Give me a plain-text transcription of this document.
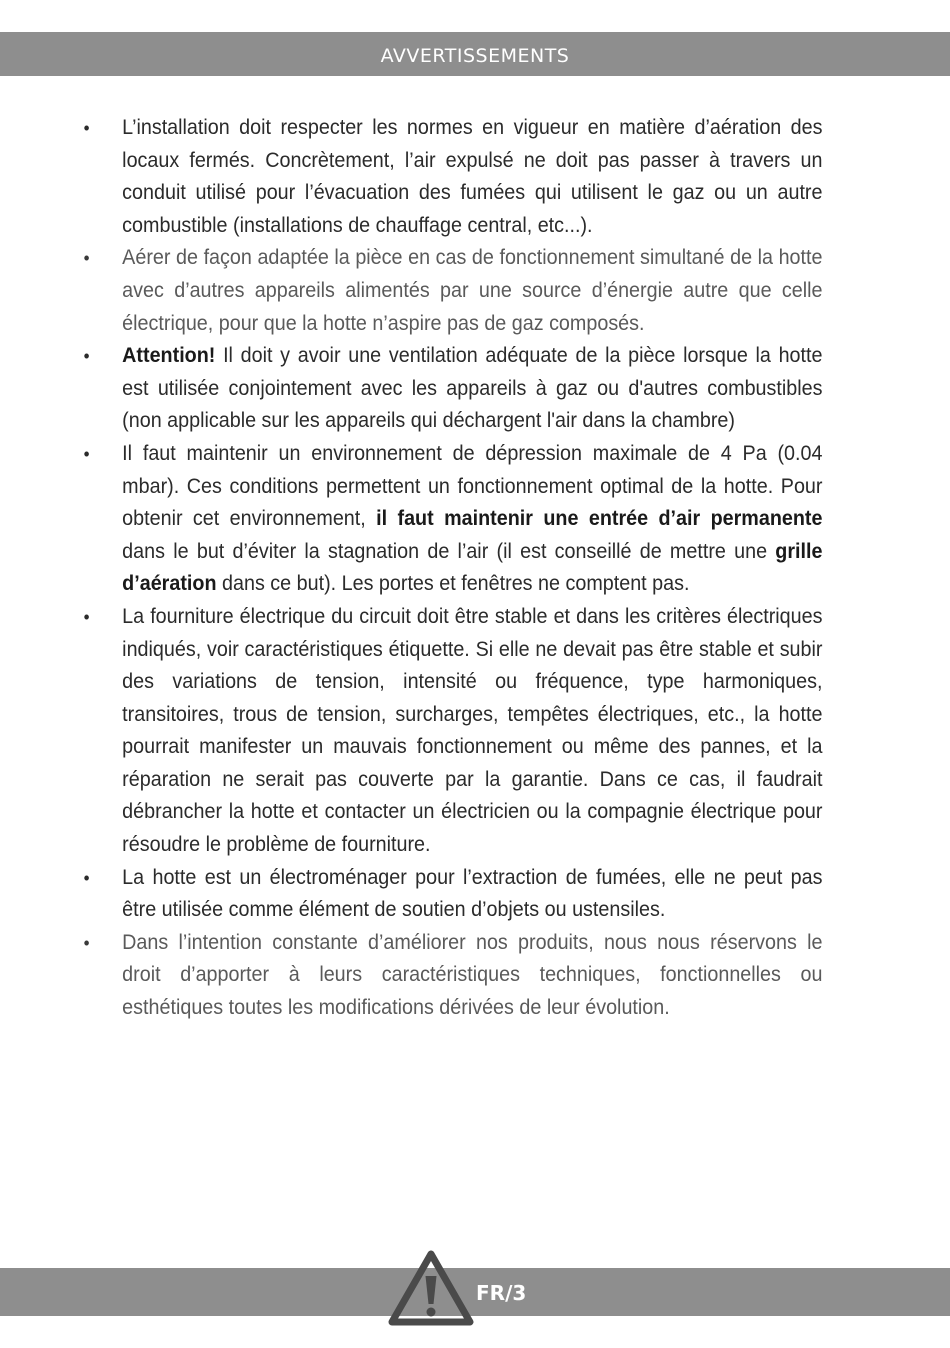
AVVERTISSEMENTS
•	L’installation doit respecter les normes en vigueur en matière d’aération des locaux fermés. Concrètement, l’air expulsé ne doit pas passer à travers un conduit utilisé pour l’évacuation des fumées qui utilisent le gaz ou un autre combustible (installations de chauffage central, etc...).
•	Aérer de façon adaptée la pièce en cas de fonctionnement simultané de la hotte avec d’autres appareils alimentés par une source d’énergie autre que celle électrique, pour que la hotte n’aspire pas de gaz composés.
•	Attention! Il doit y avoir une ventilation adéquate de la pièce lorsque la hotte est utilisée conjointement avec les appareils à gaz ou d'autres combustibles (non applicable sur les appareils qui déchargent l'air dans la chambre)
•	Il faut maintenir un environnement de dépression maximale de 4 Pa (0.04 mbar). Ces conditions permettent un fonctionnement optimal de la hotte. Pour obtenir cet environnement, il faut maintenir une entrée d’air permanente dans le but d’éviter la stagnation de l’air (il est conseillé de mettre une grille d’aération dans ce but). Les portes et fenêtres ne comptent pas.
•	La fourniture électrique du circuit doit être stable et dans les critères électriques indiqués, voir caractéristiques étiquette. Si elle ne devait pas être stable et subir des variations de tension, intensité ou fréquence, type harmoniques, transitoires, trous de tension, surcharges, tempêtes électriques, etc., la hotte pourrait manifester un mauvais fonctionnement ou même des pannes, et la réparation ne serait pas couverte par la garantie. Dans ce cas, il faudrait débrancher la hotte et contacter un électricien ou la compagnie électrique pour résoudre le problème de fourniture.
•	La hotte est un électroménager pour l’extraction de fumées, elle ne peut pas être utilisée comme élément de soutien d’objets ou ustensiles.
•	Dans l’intention constante d’améliorer nos produits, nous nous réservons le droit d’apporter à leurs caractéristiques techniques, fonctionnelles ou esthétiques toutes les modifications dérivées de leur évolution.
FR/3
